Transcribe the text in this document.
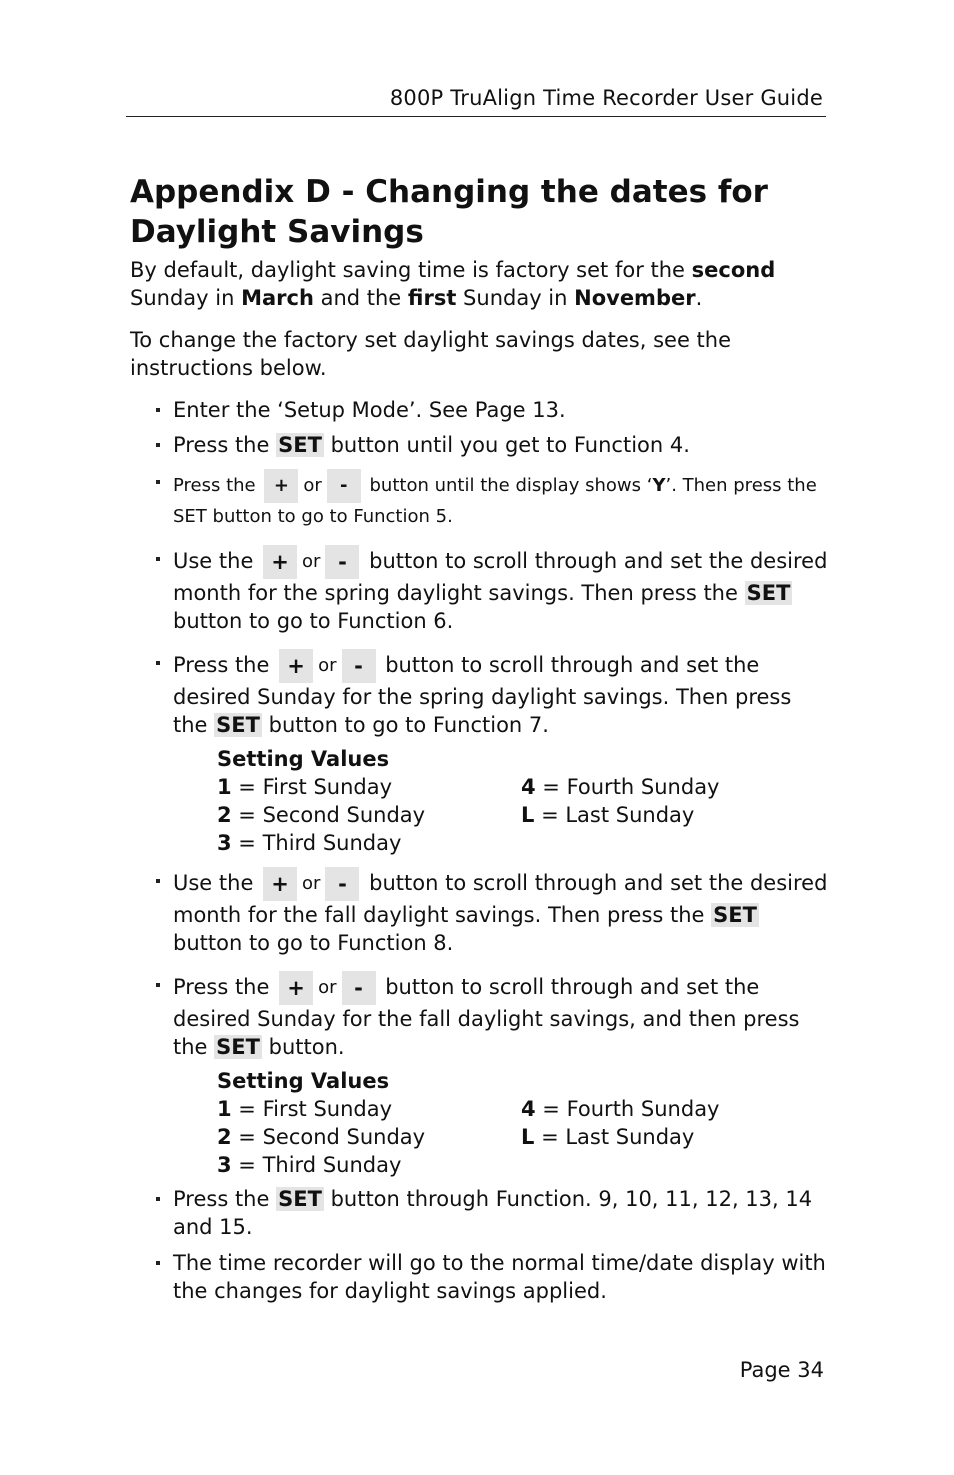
800P TruAlign Time Recorder User Guide
Appendix D - Changing the dates for
Daylight Savings

By default, daylight saving time is factory set for the second
Sunday in March and the first Sunday in November.

To change the factory set daylight savings dates, see the instructions below.

Enter the ‘Setup Mode’. See Page 13.
Press the SET button until you get to Function 4.
Press the + or - button until the display shows ‘Y’. Then press the SET button to go to Function 5.
Use the + or - button to scroll through and set the desired month for the spring daylight savings. Then press the SET button to go to Function 6.
Press the + or - button to scroll through and set the desired Sunday for the spring daylight savings. Then press the SET button to go to Function 7.
Setting Values
1 = First Sunday	4 = Fourth Sunday
2 = Second Sunday	L = Last Sunday
3 = Third Sunday
Use the + or - button to scroll through and set the desired month for the fall daylight savings. Then press the SET button to go to Function 8.
Press the + or - button to scroll through and set the desired Sunday for the fall daylight savings, and then press the SET button.
Setting Values
1 = First Sunday	4 = Fourth Sunday
2 = Second Sunday	L = Last Sunday
3 = Third Sunday
Press the SET button through Function. 9, 10, 11, 12, 13, 14 and 15.
The time recorder will go to the normal time/date display with the changes for daylight savings applied.
Page 34
